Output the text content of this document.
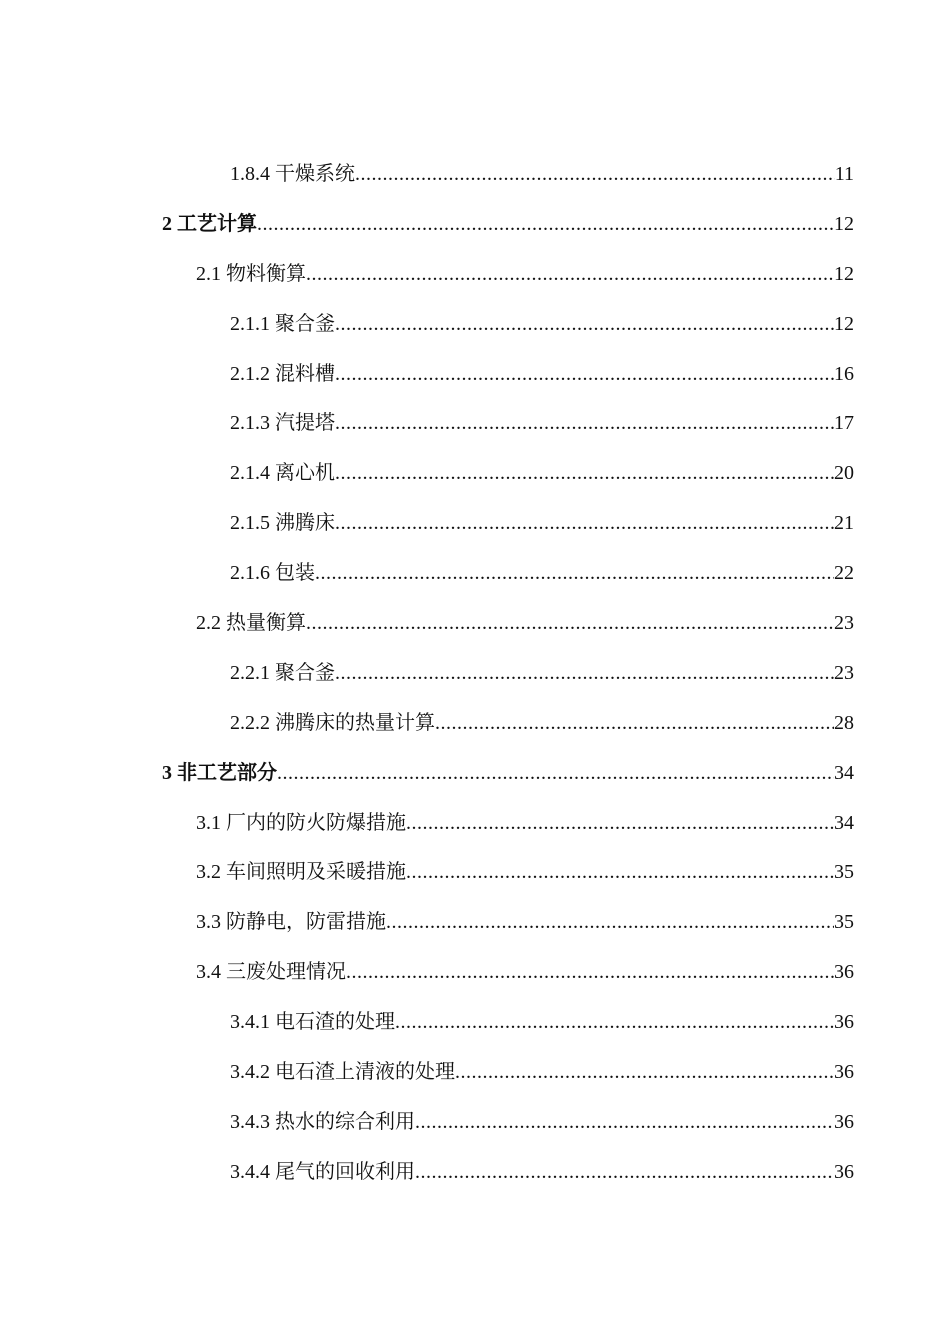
1.8.4 干燥系统 .....	11
2 工艺计算 .....	12
2.1 物料衡算 .....	12
2.1.1 聚合釜 .....	12
2.1.2 混料槽 .....	16
2.1.3 汽提塔 .....	17
2.1.4 离心机 .....	20
2.1.5 沸腾床 .....	21
2.1.6 包装 .....	22
2.2 热量衡算 .....	23
2.2.1 聚合釜 .....	23
2.2.2 沸腾床的热量计算 .....	28
3 非工艺部分 .....	34
3.1 厂内的防火防爆措施 .....	34
3.2 车间照明及采暖措施 .....	35
3.3 防静电，防雷措施 .....	35
3.4 三废处理情况 .....	36
3.4.1 电石渣的处理 .....	36
3.4.2 电石渣上清液的处理 .....	36
3.4.3 热水的综合利用 .....	36
3.4.4 尾气的回收利用 .....	36
